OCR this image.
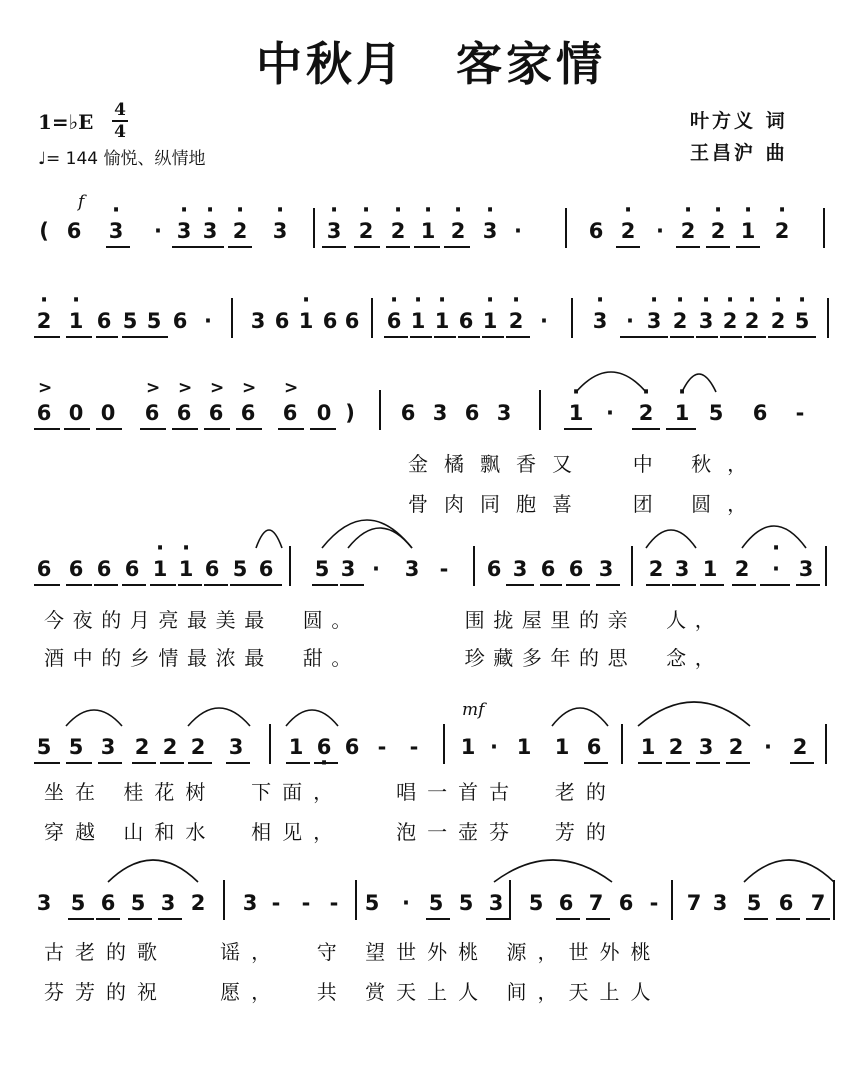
中秋月　客家情
1=♭E 4
4
♩= 144 愉悦、纵情地
叶方义 词
王昌沪 曲
f
mf
( 6 · 3	· · 3 · 3 · 2 · 3 · 3 · 2 · 2 · 1 · 2 · 3 ·	6 · 2 · · 2 · 2 · 1 · 2
· 2 · 1 6 5 5 6 ·	3 6 · 1 6 6 · 6 · 1 · 1 6 · 1 · 2 ·	· 3 · · 3 · 2 · 3 · 2 · 2 · 2 · 5
6 0 0 6 6 6 6 6 0 )	6 3 6 3	· 1	·	· 2 · 1 5 6	-
>	> > > > >
金橘飘香又  中 秋，
骨肉同胞喜  团 圆，
6 6 6 6 · 1 · 1 6 5 6 5 3 ·	3 -	6 3 6 6 3 2 3 1 2	· · 3
今夜的月亮最美最  圆。       围拢屋里的亲  人，
酒中的乡情最浓最  甜。       珍藏多年的思  念，
5 5 3 2 2 2 3 1 6 · 6 -	-	1 · 1 1 6 1 2 3 2 · 2
坐在 桂花树  下面，   唱一首古  老的
穿越 山和水  相见，   泡一壶芬  芳的
3 5 6 5 3 2 3 -	- -	5	· 5 5 3 5 6 7 6 -	7 3 5 6 7
古老的歌   谣，  守 望世外桃 源，世外桃
芬芳的祝   愿，  共 赏天上人 间，天上人
